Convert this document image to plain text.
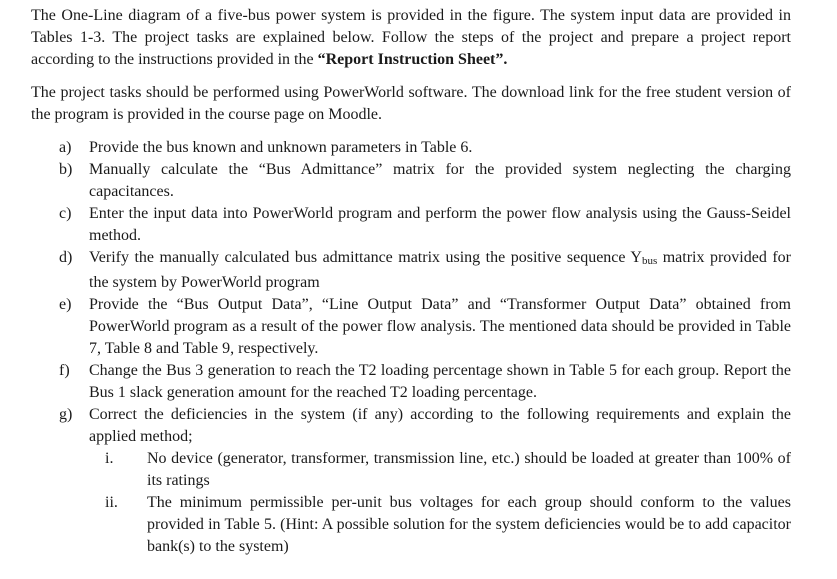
The One-Line diagram of a five-bus power system is provided in the figure. The system input data are provided in Tables 1-3. The project tasks are explained below. Follow the steps of the project and prepare a project report according to the instructions provided in the “Report Instruction Sheet”.

The project tasks should be performed using PowerWorld software. The download link for the free student version of the program is provided in the course page on Moodle.

a) Provide the bus known and unknown parameters in Table 6.
b) Manually calculate the “Bus Admittance” matrix for the provided system neglecting the charging capacitances.
c) Enter the input data into PowerWorld program and perform the power flow analysis using the Gauss-Seidel method.
d) Verify the manually calculated bus admittance matrix using the positive sequence Ybus matrix provided for the system by PowerWorld program
e) Provide the “Bus Output Data”, “Line Output Data” and “Transformer Output Data” obtained from PowerWorld program as a result of the power flow analysis. The mentioned data should be provided in Table 7, Table 8 and Table 9, respectively.
f) Change the Bus 3 generation to reach the T2 loading percentage shown in Table 5 for each group. Report the Bus 1 slack generation amount for the reached T2 loading percentage.
g) Correct the deficiencies in the system (if any) according to the following requirements and explain the applied method;
i. No device (generator, transformer, transmission line, etc.) should be loaded at greater than 100% of its ratings
ii. The minimum permissible per-unit bus voltages for each group should conform to the values provided in Table 5. (Hint: A possible solution for the system deficiencies would be to add capacitor bank(s) to the system)
